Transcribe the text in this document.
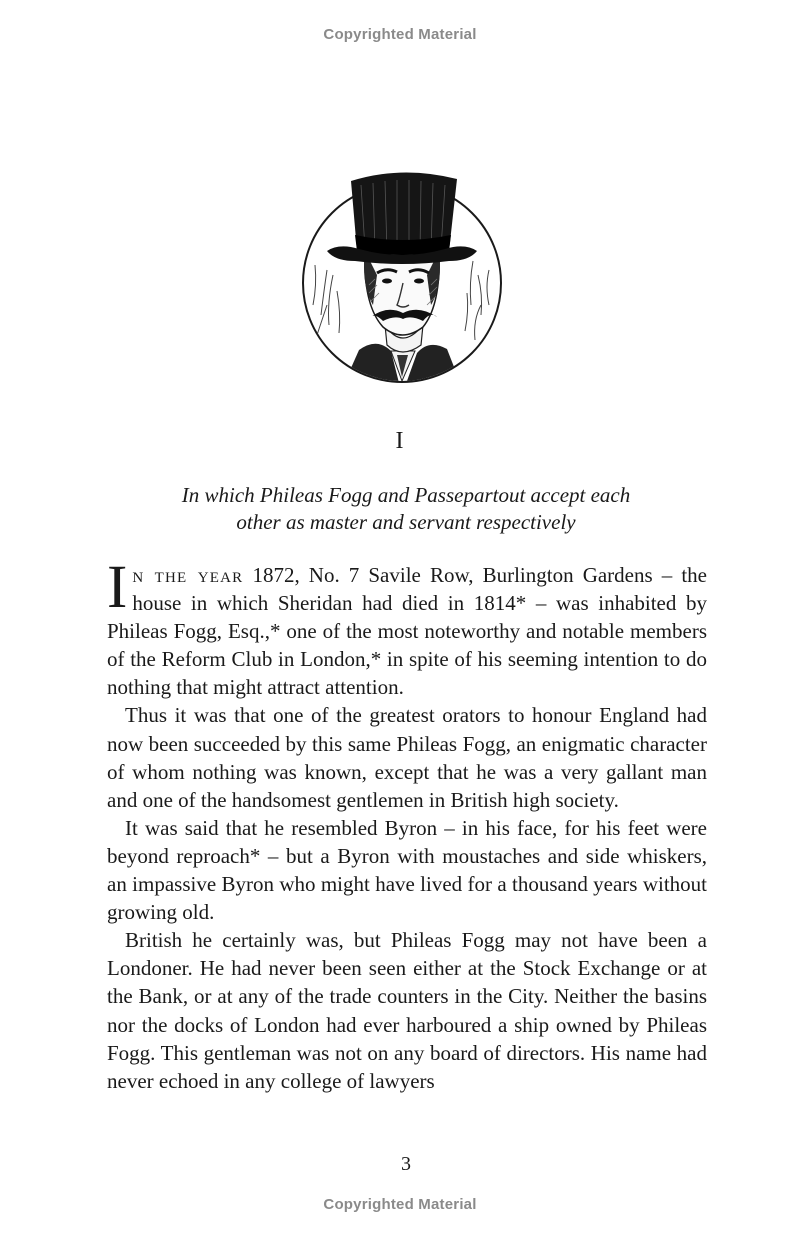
Copyrighted Material
I
In which Phileas Fogg and Passepartout accept each
other as master and servant respectively

In the year 1872, No. 7 Savile Row, Burlington Gardens – the house in which Sheridan had died in 1814* – was inhabited by Phileas Fogg, Esq.,* one of the most noteworthy and notable members of the Reform Club in London,* in spite of his seeming intention to do nothing that might attract attention.

Thus it was that one of the greatest orators to honour England had now been succeeded by this same Phileas Fogg, an enigmatic character of whom nothing was known, except that he was a very gallant man and one of the handsomest gentlemen in British high society.

It was said that he resembled Byron – in his face, for his feet were beyond reproach* – but a Byron with moustaches and side whiskers, an impassive Byron who might have lived for a thousand years without growing old.

British he certainly was, but Phileas Fogg may not have been a Londoner. He had never been seen either at the Stock Exchange or at the Bank, or at any of the trade counters in the City. Neither the basins nor the docks of London had ever harboured a ship owned by Phileas Fogg. This gentleman was not on any board of directors. His name had never echoed in any college of lawyers

3
Copyrighted Material
